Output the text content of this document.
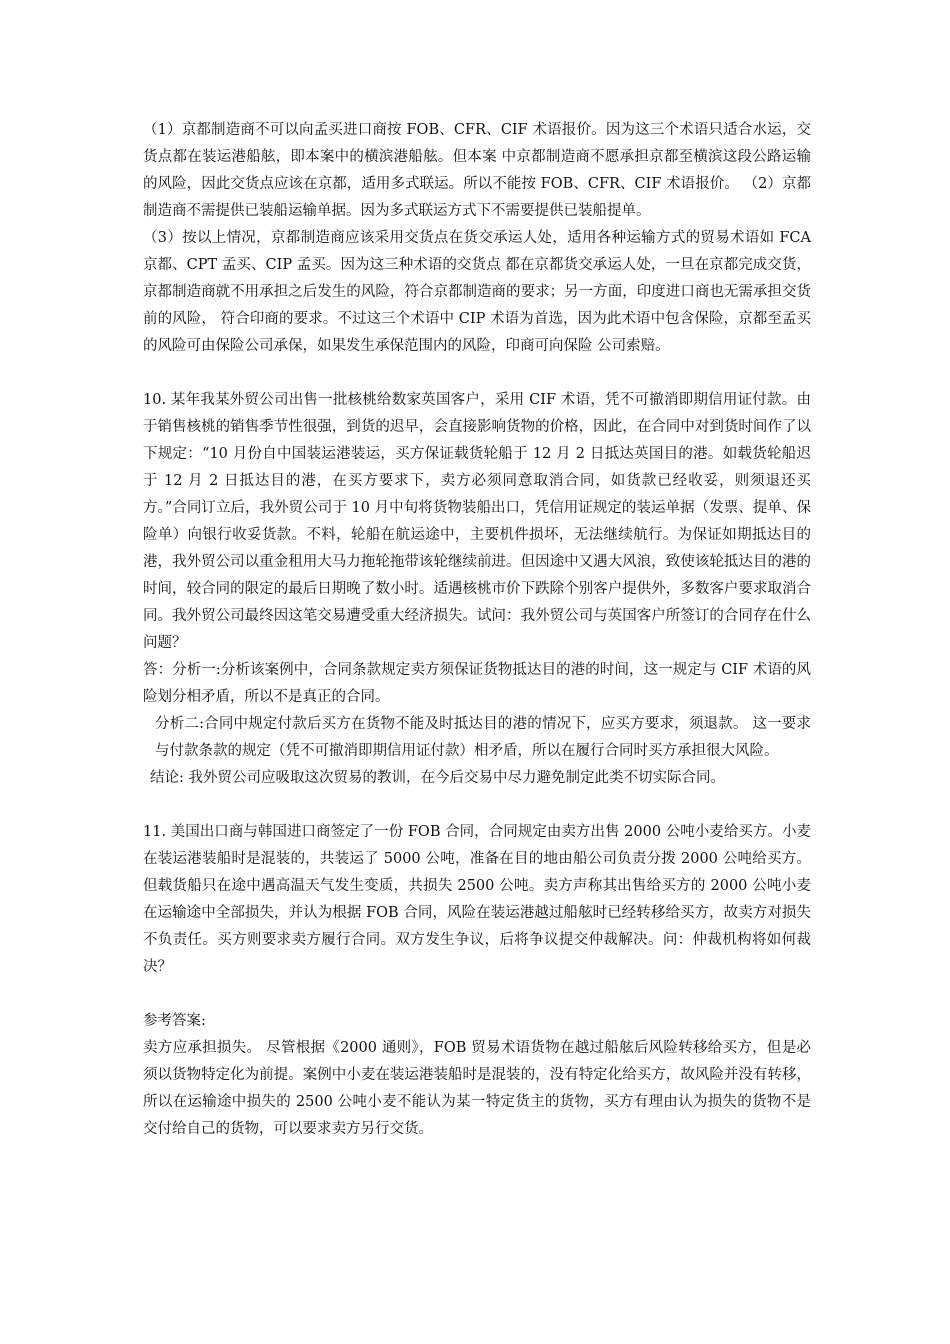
（1）京都制造商不可以向孟买进口商按 FOB、CFR、CIF 术语报价。因为这三个术语只适合水运，交货点都在装运港船舷，即本案中的横滨港船舷。但本案 中京都制造商不愿承担京都至横滨这段公路运输的风险，因此交货点应该在京都，适用多式联运。所以不能按 FOB、CFR、CIF 术语报价。 （2）京都制造商不需提供已装船运输单据。因为多式联运方式下不需要提供已装船提单。

（3）按以上情况，京都制造商应该采用交货点在货交承运人处，适用各种运输方式的贸易术语如 FCA 京都、CPT 孟买、CIP 孟买。因为这三种术语的交货点 都在京都货交承运人处，一旦在京都完成交货，京都制造商就不用承担之后发生的风险，符合京都制造商的要求；另一方面，印度进口商也无需承担交货前的风险， 符合印商的要求。不过这三个术语中 CIP 术语为首选，因为此术语中包含保险，京都至孟买的风险可由保险公司承保，如果发生承保范围内的风险，印商可向保险 公司索赔。

10. 某年我某外贸公司出售一批核桃给数家英国客户，采用 CIF 术语，凭不可撤消即期信用证付款。由于销售核桃的销售季节性很强，到货的迟早，会直接影响货物的价格，因此，在合同中对到货时间作了以下规定：“10 月份自中国装运港装运，买方保证载货轮船于 12 月 2 日抵达英国目的港。如载货轮船迟于 12 月 2 日抵达目的港，在买方要求下，卖方必须同意取消合同，如货款已经收妥，则须退还买方。”合同订立后，我外贸公司于 10 月中旬将货物装船出口，凭信用证规定的装运单据（发票、提单、保险单）向银行收妥货款。不料，轮船在航运途中，主要机件损坏，无法继续航行。为保证如期抵达目的港，我外贸公司以重金租用大马力拖轮拖带该轮继续前进。但因途中又遇大风浪，致使该轮抵达目的港的时间，较合同的限定的最后日期晚了数小时。适遇核桃市价下跌除个别客户提供外，多数客户要求取消合同。我外贸公司最终因这笔交易遭受重大经济损失。试问：我外贸公司与英国客户所签订的合同存在什么问题？

答：分析一:分析该案例中，合同条款规定卖方须保证货物抵达目的港的时间，这一规定与 CIF 术语的风险划分相矛盾，所以不是真正的合同。

分析二:合同中规定付款后买方在货物不能及时抵达目的港的情况下，应买方要求，须退款。 这一要求与付款条款的规定（凭不可撤消即期信用证付款）相矛盾，所以在履行合同时买方承担很大风险。

结论: 我外贸公司应吸取这次贸易的教训，在今后交易中尽力避免制定此类不切实际合同。

11. 美国出口商与韩国进口商签定了一份 FOB 合同，合同规定由卖方出售 2000 公吨小麦给买方。小麦在装运港装船时是混装的，共装运了 5000 公吨，准备在目的地由船公司负责分拨 2000 公吨给买方。但载货船只在途中遇高温天气发生变质，共损失 2500 公吨。卖方声称其出售给买方的 2000 公吨小麦在运输途中全部损失，并认为根据 FOB 合同，风险在装运港越过船舷时已经转移给买方，故卖方对损失不负责任。买方则要求卖方履行合同。双方发生争议，后将争议提交仲裁解决。问：仲裁机构将如何裁决？

参考答案:

卖方应承担损失。 尽管根据《2000 通则》，FOB 贸易术语货物在越过船舷后风险转移给买方，但是必须以货物特定化为前提。案例中小麦在装运港装船时是混装的，没有特定化给买方，故风险并没有转移，所以在运输途中损失的 2500 公吨小麦不能认为某一特定货主的货物，买方有理由认为损失的货物不是交付给自己的货物，可以要求卖方另行交货。
